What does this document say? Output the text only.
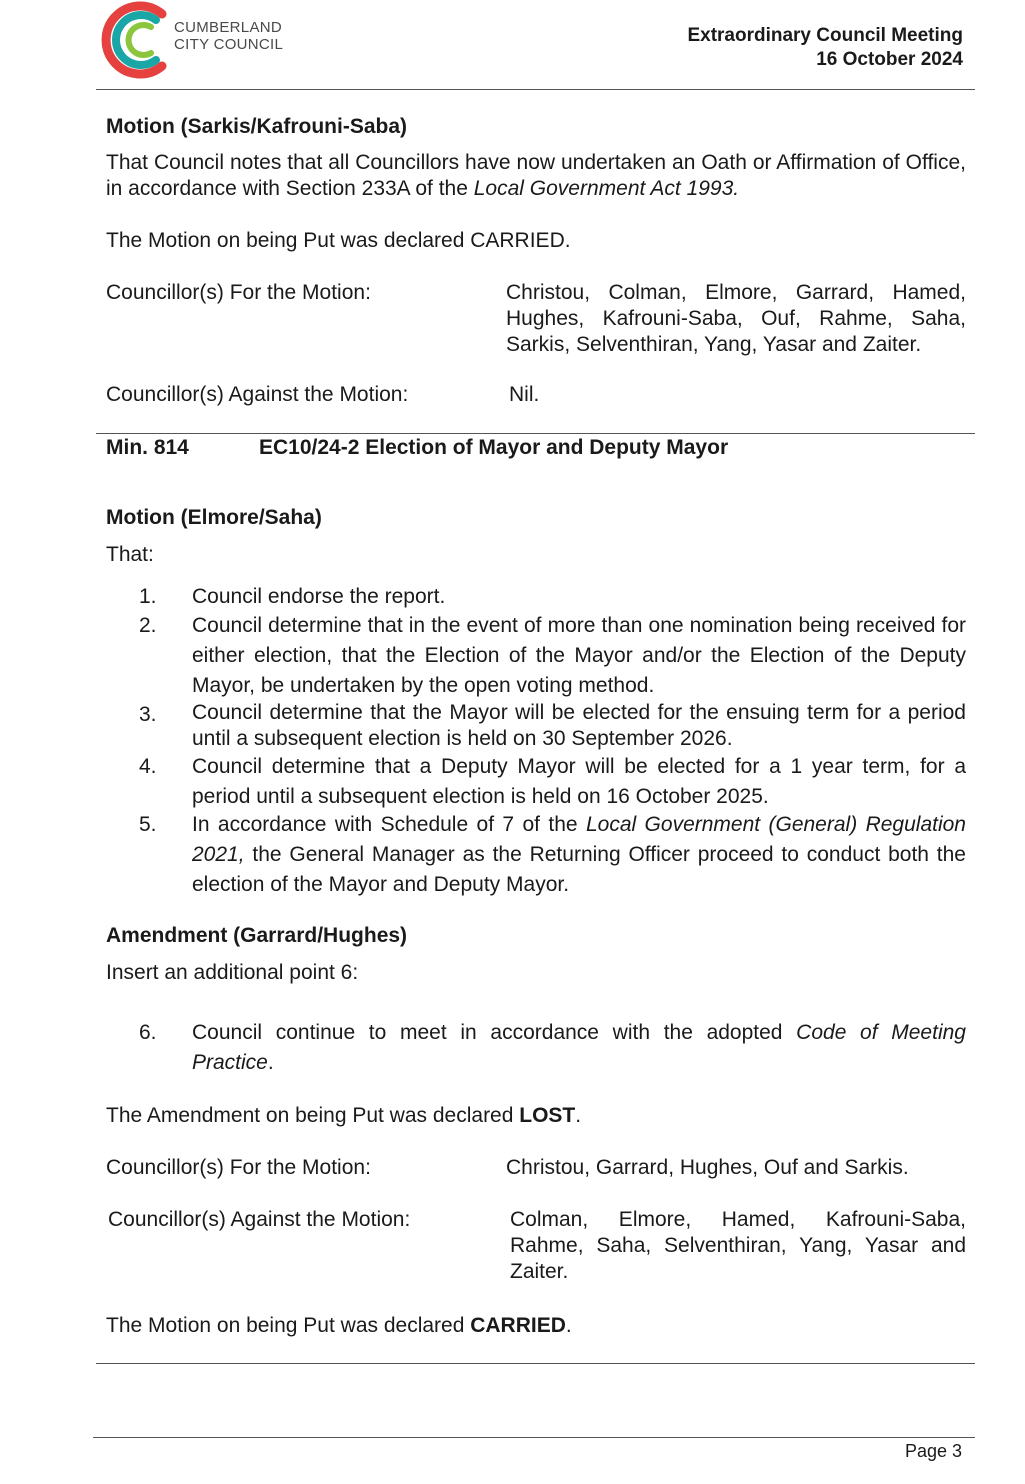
CUMBERLAND
CITY COUNCIL	Extraordinary Council Meeting
16 October 2024
Motion (Sarkis/Kafrouni-Saba)

That Council notes that all Councillors have now undertaken an Oath or Affirmation of Office, in accordance with Section 233A of the Local Government Act 1993.

The Motion on being Put was declared CARRIED.
Councillor(s) For the Motion:	Christou, Colman, Elmore, Garrard, Hamed, Hughes, Kafrouni-Saba, Ouf, Rahme, Saha, Sarkis, Selventhiran, Yang, Yasar and Zaiter.
Councillor(s) Against the Motion:	Nil.
Min. 814	EC10/24-2 Election of Mayor and Deputy Mayor
Motion (Elmore/Saha)
That:
1. Council endorse the report.
2. Council determine that in the event of more than one nomination being received for either election, that the Election of the Mayor and/or the Election of the Deputy Mayor, be undertaken by the open voting method.
3. Council determine that the Mayor will be elected for the ensuing term for a period until a subsequent election is held on 30 September 2026.
4. Council determine that a Deputy Mayor will be elected for a 1 year term, for a period until a subsequent election is held on 16 October 2025.
5. In accordance with Schedule of 7 of the Local Government (General) Regulation 2021, the General Manager as the Returning Officer proceed to conduct both the election of the Mayor and Deputy Mayor.

Amendment (Garrard/Hughes)
Insert an additional point 6:
6. Council continue to meet in accordance with the adopted Code of Meeting Practice.

The Amendment on being Put was declared LOST.
Councillor(s) For the Motion:	Christou, Garrard, Hughes, Ouf and Sarkis.
Councillor(s) Against the Motion:	Colman, Elmore, Hamed, Kafrouni-Saba, Rahme, Saha, Selventhiran, Yang, Yasar and Zaiter.
The Motion on being Put was declared CARRIED.
Page 3
